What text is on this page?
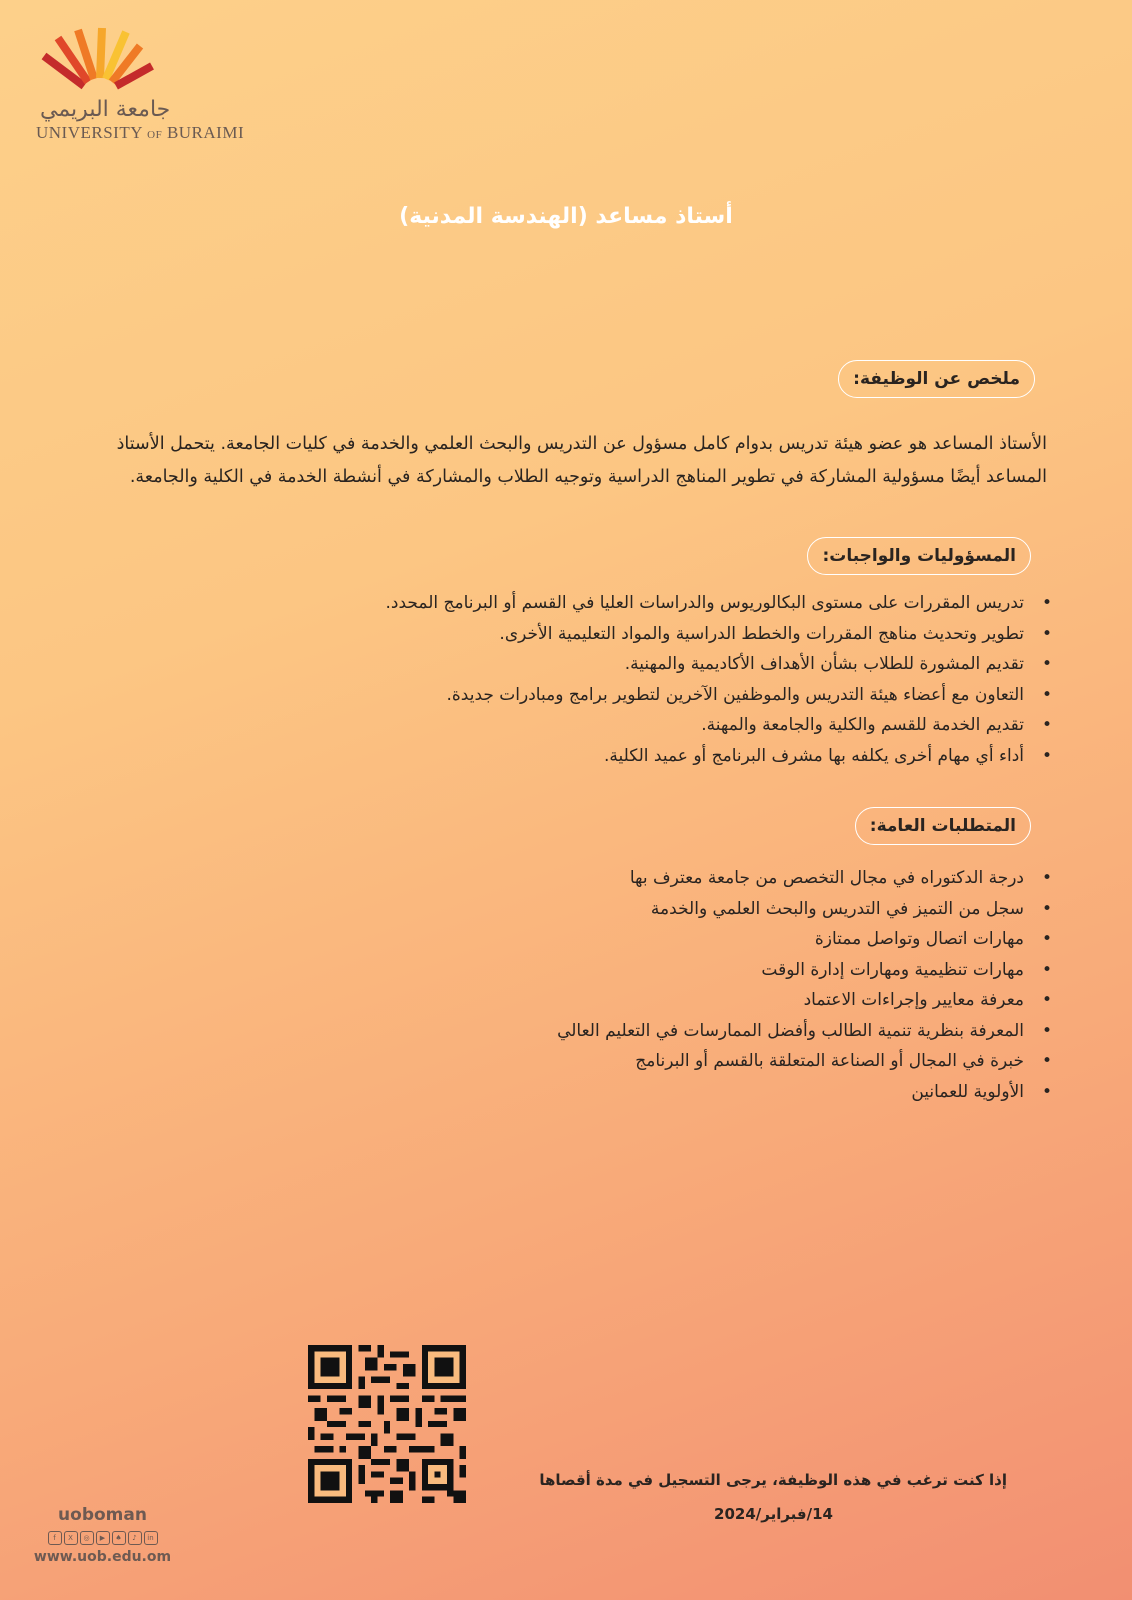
جامعة البريمي
UNIVERSITY OF BURAIMI
أستاذ مساعد (الهندسة المدنية)
ملخص عن الوظيفة:
الأستاذ المساعد هو عضو هيئة تدريس بدوام كامل مسؤول عن التدريس والبحث العلمي والخدمة في كليات الجامعة. يتحمل الأستاذ المساعد أيضًا مسؤولية المشاركة في تطوير المناهج الدراسية وتوجيه الطلاب والمشاركة في أنشطة الخدمة في الكلية والجامعة.
المسؤوليات والواجبات:
• تدريس المقررات على مستوى البكالوريوس والدراسات العليا في القسم أو البرنامج المحدد.
• تطوير وتحديث مناهج المقررات والخطط الدراسية والمواد التعليمية الأخرى.
• تقديم المشورة للطلاب بشأن الأهداف الأكاديمية والمهنية.
• التعاون مع أعضاء هيئة التدريس والموظفين الآخرين لتطوير برامج ومبادرات جديدة.
• تقديم الخدمة للقسم والكلية والجامعة والمهنة.
• أداء أي مهام أخرى يكلفه بها مشرف البرنامج أو عميد الكلية.
المتطلبات العامة:
• درجة الدكتوراه في مجال التخصص من جامعة معترف بها
• سجل من التميز في التدريس والبحث العلمي والخدمة
• مهارات اتصال وتواصل ممتازة
• مهارات تنظيمية ومهارات إدارة الوقت
• معرفة معايير وإجراءات الاعتماد
• المعرفة بنظرية تنمية الطالب وأفضل الممارسات في التعليم العالي
• خبرة في المجال أو الصناعة المتعلقة بالقسم أو البرنامج
• الأولوية للعمانين
إذا كنت ترغب في هذه الوظيفة، يرجى التسجيل في مدة أقصاها
14/فبراير/2024
uoboman
f	X	◎	▶	♠	♪	in
www.uob.edu.om
